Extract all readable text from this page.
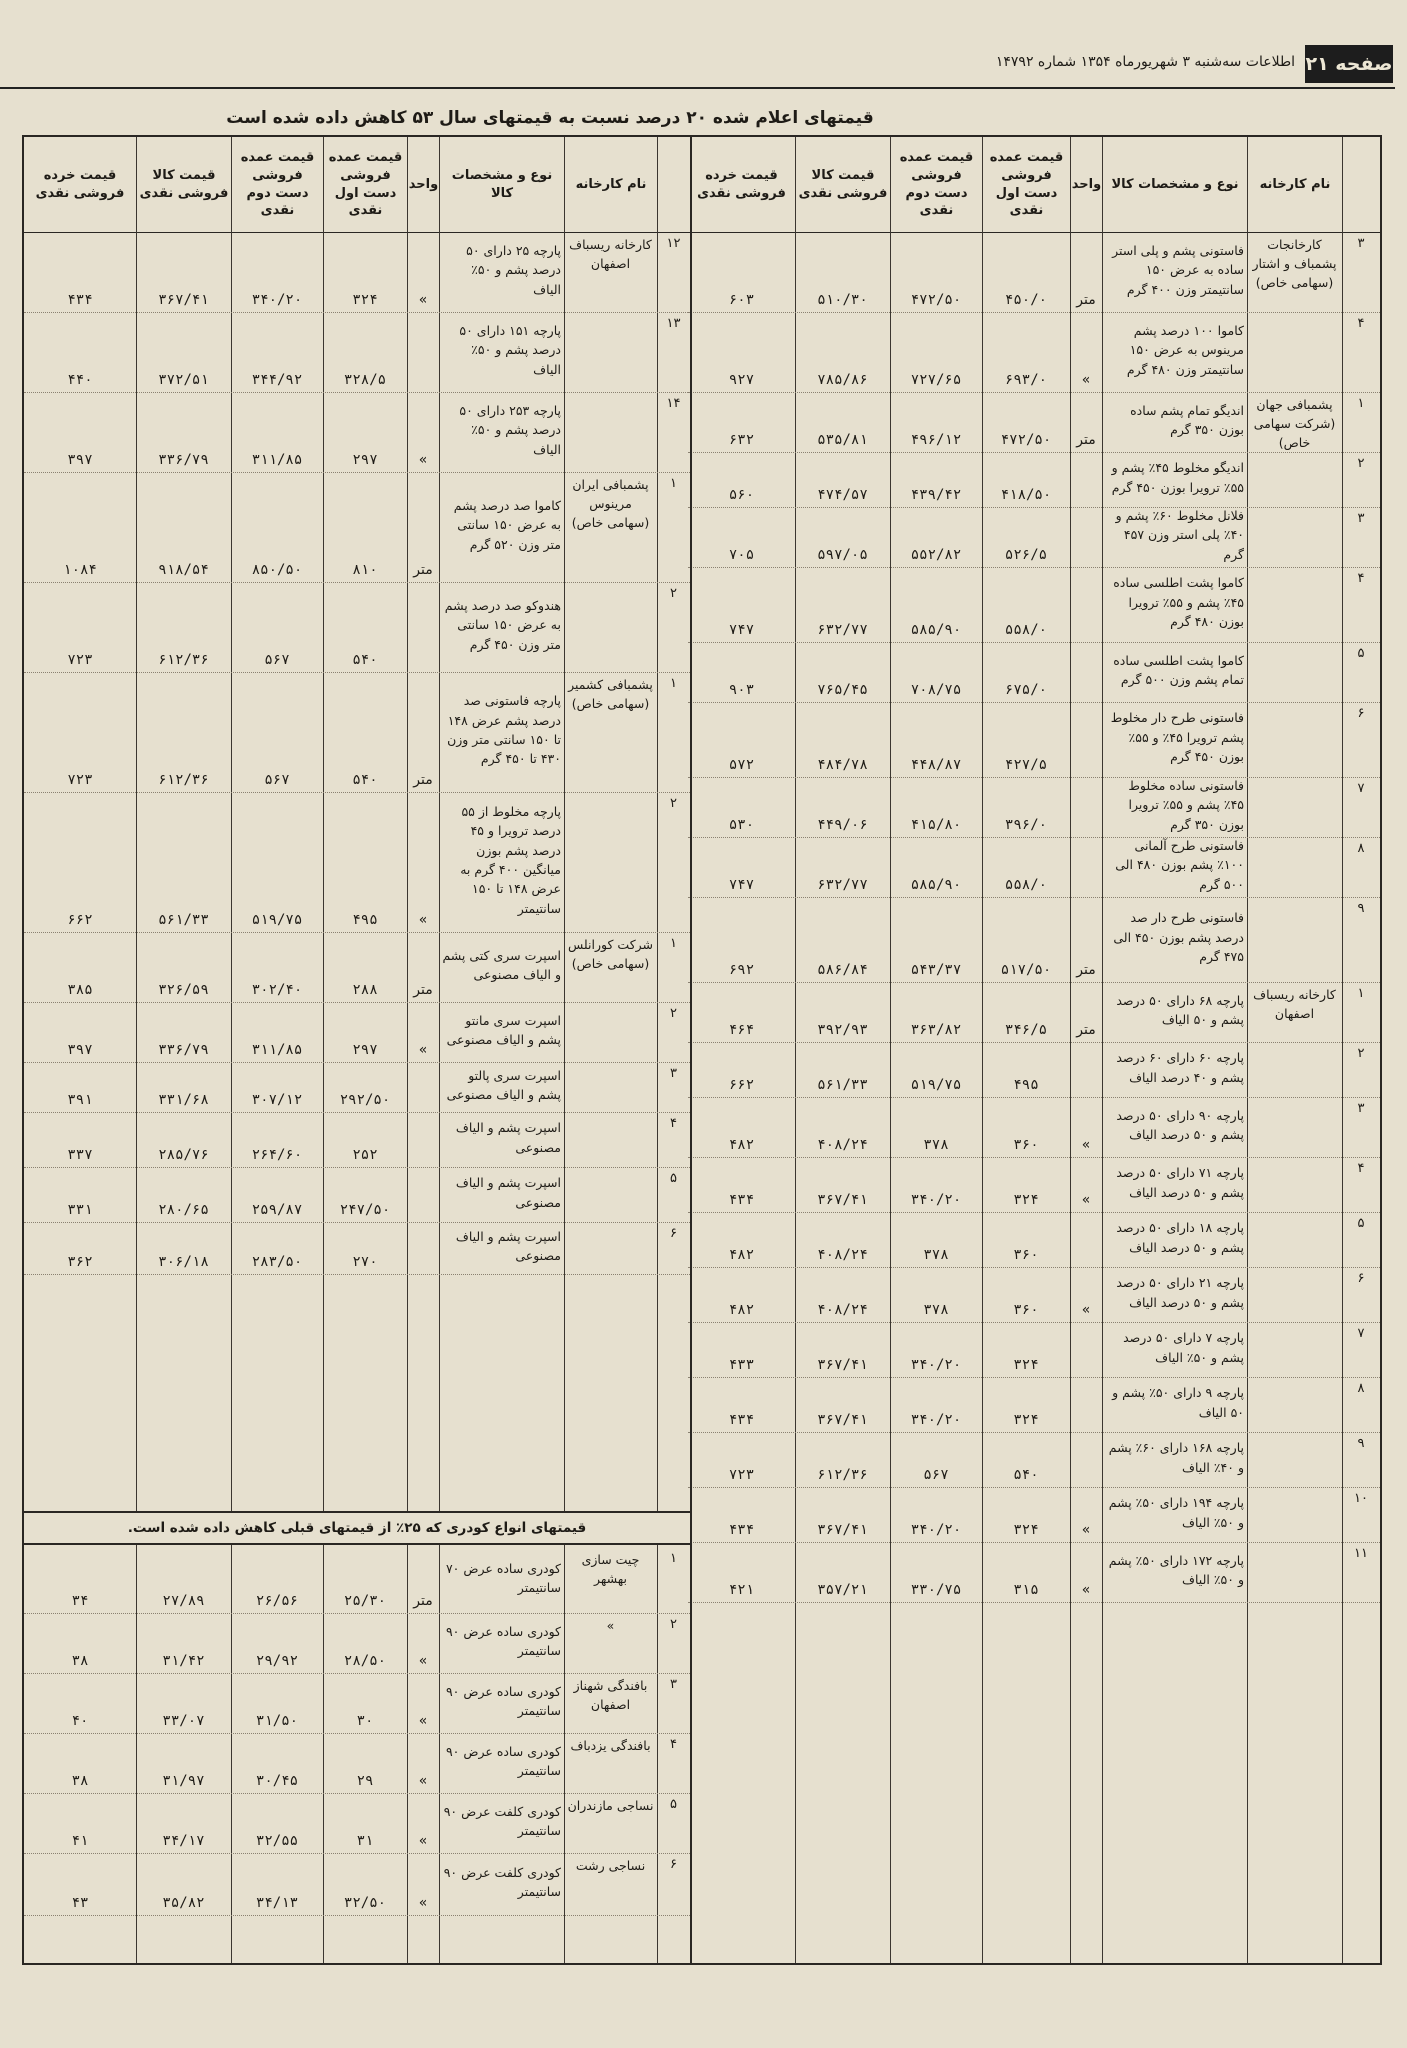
صفحه ۲۱
اطلاعات سه‌شنبه ۳ شهریورماه ۱۳۵۴ شماره ۱۴۷۹۲
قیمتهای اعلام شده ۲۰ درصد نسبت به قیمتهای سال ۵۳ کاهش داده شده است
نام کارخانه
نوع و مشخصات کالا
واحد
قیمت عمده فروشی دست اول نقدی
قیمت عمده فروشی دست دوم نقدی
قیمت کالا فروشی نقدی
قیمت خرده فروشی نقدی
۳
کارخانجات پشمباف و اشتار (سهامی خاص)
فاستونی پشم و پلی استر ساده به عرض ۱۵۰ سانتیمتر وزن ۴۰۰ گرم
متر
۴۵۰/۰
۴۷۲/۵۰
۵۱۰/۳۰
۶۰۳
۴
کاموا ۱۰۰ درصد پشم مرینوس به عرض ۱۵۰ سانتیمتر وزن ۴۸۰ گرم
»
۶۹۳/۰
۷۲۷/۶۵
۷۸۵/۸۶
۹۲۷
۱
پشمبافی جهان (شرکت سهامی خاص)
اندیگو تمام پشم ساده بوزن ۳۵۰ گرم
متر
۴۷۲/۵۰
۴۹۶/۱۲
۵۳۵/۸۱
۶۳۲
۲
اندیگو مخلوط ۴۵٪ پشم و ۵۵٪ ترویرا بوزن ۴۵۰ گرم
۴۱۸/۵۰
۴۳۹/۴۲
۴۷۴/۵۷
۵۶۰
۳
فلانل مخلوط ۶۰٪ پشم و ۴۰٪ پلی استر وزن ۴۵۷ گرم
۵۲۶/۵
۵۵۲/۸۲
۵۹۷/۰۵
۷۰۵
۴
کاموا پشت اطلسی ساده ۴۵٪ پشم و ۵۵٪ ترویرا بوزن ۴۸۰ گرم
۵۵۸/۰
۵۸۵/۹۰
۶۳۲/۷۷
۷۴۷
۵
کاموا پشت اطلسی ساده تمام پشم وزن ۵۰۰ گرم
۶۷۵/۰
۷۰۸/۷۵
۷۶۵/۴۵
۹۰۳
۶
فاستونی طرح دار مخلوط پشم ترویرا ۴۵٪ و ۵۵٪ بوزن ۴۵۰ گرم
۴۲۷/۵
۴۴۸/۸۷
۴۸۴/۷۸
۵۷۲
۷
فاستونی ساده مخلوط ۴۵٪ پشم و ۵۵٪ ترویرا بوزن ۳۵۰ گرم
۳۹۶/۰
۴۱۵/۸۰
۴۴۹/۰۶
۵۳۰
۸
فاستونی طرح آلمانی ۱۰۰٪ پشم بوزن ۴۸۰ الی ۵۰۰ گرم
۵۵۸/۰
۵۸۵/۹۰
۶۳۲/۷۷
۷۴۷
۹
فاستونی طرح دار صد درصد پشم بوزن ۴۵۰ الی ۴۷۵ گرم
متر
۵۱۷/۵۰
۵۴۳/۳۷
۵۸۶/۸۴
۶۹۲
۱
کارخانه ریسباف اصفهان
پارچه ۶۸ دارای ۵۰ درصد پشم و ۵۰ الیاف
متر
۳۴۶/۵
۳۶۳/۸۲
۳۹۲/۹۳
۴۶۴
۲
پارچه ۶۰ دارای ۶۰ درصد پشم و ۴۰ درصد الیاف
۴۹۵
۵۱۹/۷۵
۵۶۱/۳۳
۶۶۲
۳
پارچه ۹۰ دارای ۵۰ درصد پشم و ۵۰ درصد الیاف
»
۳۶۰
۳۷۸
۴۰۸/۲۴
۴۸۲
۴
پارچه ۷۱ دارای ۵۰ درصد پشم و ۵۰ درصد الیاف
»
۳۲۴
۳۴۰/۲۰
۳۶۷/۴۱
۴۳۴
۵
پارچه ۱۸ دارای ۵۰ درصد پشم و ۵۰ درصد الیاف
۳۶۰
۳۷۸
۴۰۸/۲۴
۴۸۲
۶
پارچه ۲۱ دارای ۵۰ درصد پشم و ۵۰ درصد الیاف
»
۳۶۰
۳۷۸
۴۰۸/۲۴
۴۸۲
۷
پارچه ۷ دارای ۵۰ درصد پشم و ۵۰٪ الیاف
۳۲۴
۳۴۰/۲۰
۳۶۷/۴۱
۴۳۳
۸
پارچه ۹ دارای ۵۰٪ پشم و ۵۰ الیاف
۳۲۴
۳۴۰/۲۰
۳۶۷/۴۱
۴۳۴
۹
پارچه ۱۶۸ دارای ۶۰٪ پشم و ۴۰٪ الیاف
۵۴۰
۵۶۷
۶۱۲/۳۶
۷۲۳
۱۰
پارچه ۱۹۴ دارای ۵۰٪ پشم و ۵۰٪ الیاف
»
۳۲۴
۳۴۰/۲۰
۳۶۷/۴۱
۴۳۴
۱۱
پارچه ۱۷۲ دارای ۵۰٪ پشم و ۵۰٪ الیاف
»
۳۱۵
۳۳۰/۷۵
۳۵۷/۲۱
۴۲۱
نام کارخانه
نوع و مشخصات کالا
واحد
قیمت عمده فروشی دست اول نقدی
قیمت عمده فروشی دست دوم نقدی
قیمت کالا فروشی نقدی
قیمت خرده فروشی نقدی
۱۲
کارخانه ریسباف اصفهان
پارچه ۲۵ دارای ۵۰ درصد پشم و ۵۰٪ الیاف
»
۳۲۴
۳۴۰/۲۰
۳۶۷/۴۱
۴۳۴
۱۳
پارچه ۱۵۱ دارای ۵۰ درصد پشم و ۵۰٪ الیاف
۳۲۸/۵
۳۴۴/۹۲
۳۷۲/۵۱
۴۴۰
۱۴
پارچه ۲۵۳ دارای ۵۰ درصد پشم و ۵۰٪ الیاف
»
۲۹۷
۳۱۱/۸۵
۳۳۶/۷۹
۳۹۷
۱
پشمبافی ایران مرینوس (سهامی خاص)
کاموا صد درصد پشم به عرض ۱۵۰ سانتی متر وزن ۵۲۰ گرم
متر
۸۱۰
۸۵۰/۵۰
۹۱۸/۵۴
۱۰۸۴
۲
هندوکو صد درصد پشم به عرض ۱۵۰ سانتی متر وزن ۴۵۰ گرم
۵۴۰
۵۶۷
۶۱۲/۳۶
۷۲۳
۱
پشمبافی کشمیر (سهامی خاص)
پارچه فاستونی صد درصد پشم عرض ۱۴۸ تا ۱۵۰ سانتی متر وزن ۴۳۰ تا ۴۵۰ گرم
متر
۵۴۰
۵۶۷
۶۱۲/۳۶
۷۲۳
۲
پارچه مخلوط از ۵۵ درصد ترویرا و ۴۵ درصد پشم بوزن میانگین ۴۰۰ گرم به عرض ۱۴۸ تا ۱۵۰ سانتیمتر
»
۴۹۵
۵۱۹/۷۵
۵۶۱/۳۳
۶۶۲
۱
شرکت کورانلس (سهامی خاص)
اسپرت سری کتی پشم و الیاف مصنوعی
متر
۲۸۸
۳۰۲/۴۰
۳۲۶/۵۹
۳۸۵
۲
اسپرت سری مانتو پشم و الیاف مصنوعی
»
۲۹۷
۳۱۱/۸۵
۳۳۶/۷۹
۳۹۷
۳
اسپرت سری پالتو پشم و الیاف مصنوعی
۲۹۲/۵۰
۳۰۷/۱۲
۳۳۱/۶۸
۳۹۱
۴
اسپرت پشم و الیاف مصنوعی
۲۵۲
۲۶۴/۶۰
۲۸۵/۷۶
۳۳۷
۵
اسپرت پشم و الیاف مصنوعی
۲۴۷/۵۰
۲۵۹/۸۷
۲۸۰/۶۵
۳۳۱
۶
اسپرت پشم و الیاف مصنوعی
۲۷۰
۲۸۳/۵۰
۳۰۶/۱۸
۳۶۲
۱
چیت سازی بهشهر
کودری ساده عرض ۷۰ سانتیمتر
متر
۲۵/۳۰
۲۶/۵۶
۲۷/۸۹
۳۴
۲
»
کودری ساده عرض ۹۰ سانتیمتر
»
۲۸/۵۰
۲۹/۹۲
۳۱/۴۲
۳۸
۳
بافندگی شهناز اصفهان
کودری ساده عرض ۹۰ سانتیمتر
»
۳۰
۳۱/۵۰
۳۳/۰۷
۴۰
۴
بافندگی یزدباف
کودری ساده عرض ۹۰ سانتیمتر
»
۲۹
۳۰/۴۵
۳۱/۹۷
۳۸
۵
نساجی مازندران
کودری کلفت عرض ۹۰ سانتیمتر
»
۳۱
۳۲/۵۵
۳۴/۱۷
۴۱
۶
نساجی رشت
کودری کلفت عرض ۹۰ سانتیمتر
»
۳۲/۵۰
۳۴/۱۳
۳۵/۸۲
۴۳
قیمتهای انواع کودری که ۲۵٪ از قیمتهای قبلی کاهش داده شده است.
